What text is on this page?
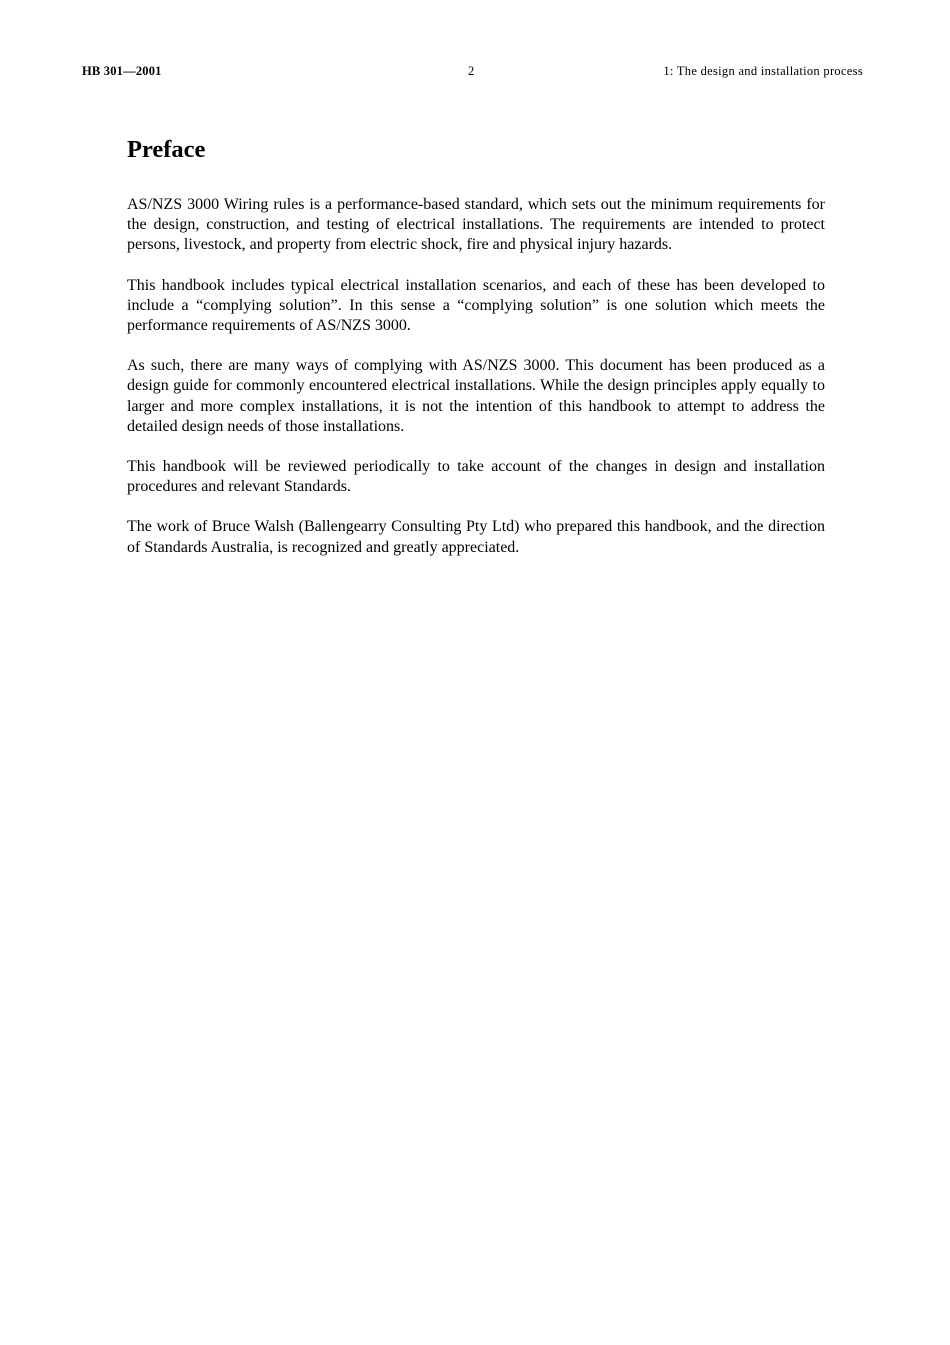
HB 301—2001	2	1: The design and installation process
Preface

AS/NZS 3000 Wiring rules is a performance-based standard, which sets out the minimum requirements for the design, construction, and testing of electrical installations. The requirements are intended to protect persons, livestock, and property from electric shock, fire and physical injury hazards.

This handbook includes typical electrical installation scenarios, and each of these has been developed to include a “complying solution”. In this sense a “complying solution” is one solution which meets the performance requirements of AS/NZS 3000.

As such, there are many ways of complying with AS/NZS 3000. This document has been produced as a design guide for commonly encountered electrical installations. While the design principles apply equally to larger and more complex installations, it is not the intention of this handbook to attempt to address the detailed design needs of those installations.

This handbook will be reviewed periodically to take account of the changes in design and installation procedures and relevant Standards.

The work of Bruce Walsh (Ballengearry Consulting Pty Ltd) who prepared this handbook, and the direction of Standards Australia, is recognized and greatly appreciated.
